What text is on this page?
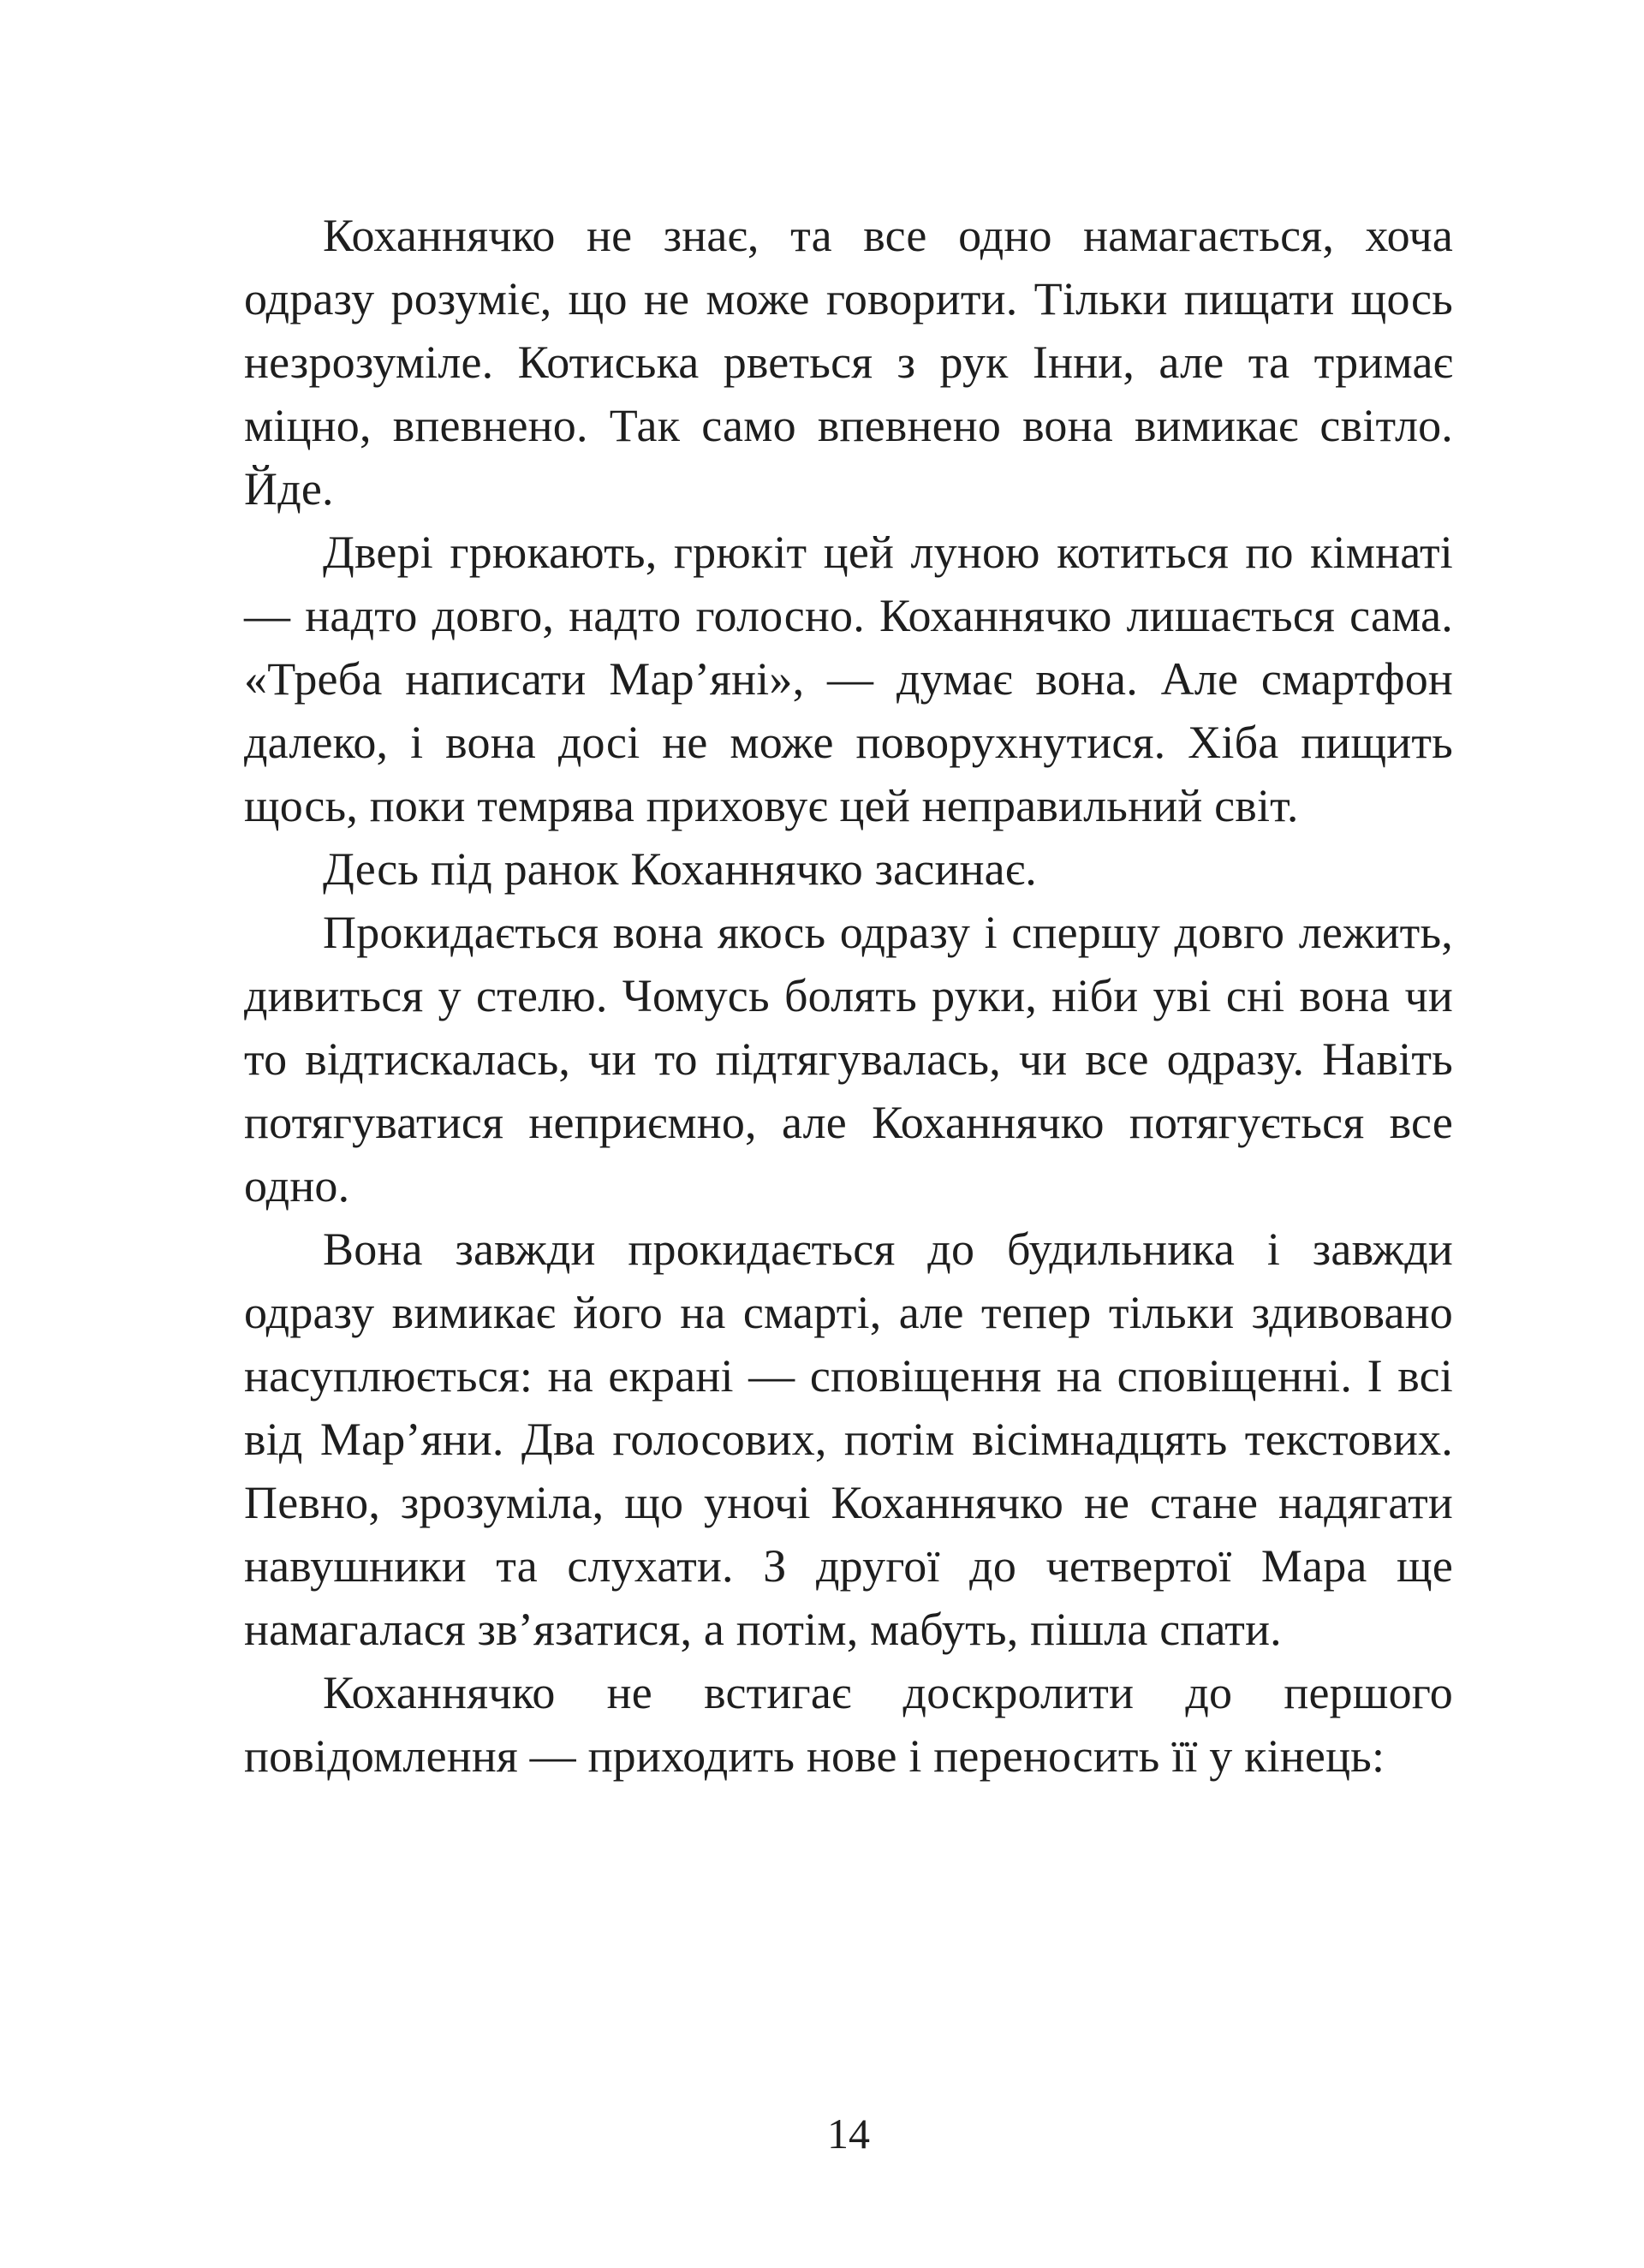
Коханнячко не знає, та все одно намагається, хоча одразу розуміє, що не може говорити. Тільки пищати щось незрозуміле. Котиська рветься з рук Інни, але та тримає міцно, впевнено. Так само впевнено вона вимикає світло. Йде.

Двері грюкають, грюкіт цей луною котиться по кімнаті — надто довго, надто голосно. Коханнячко лишається сама. «Треба написати Мар’яні», — думає вона. Але смартфон далеко, і вона досі не може поворухнутися. Хіба пищить щось, поки темрява приховує цей неправильний світ.

Десь під ранок Коханнячко засинає.

Прокидається вона якось одразу і спершу довго лежить, дивиться у стелю. Чомусь болять руки, ніби уві сні вона чи то відтискалась, чи то підтягувалась, чи все одразу. Навіть потягуватися неприємно, але Коханнячко потягується все одно.

Вона завжди прокидається до будильника і завжди одразу вимикає його на смарті, але тепер тільки здивовано насуплюється: на екрані — сповіщення на сповіщенні. І всі від Мар’яни. Два голосових, потім вісімнадцять текстових. Певно, зрозуміла, що уночі Коханнячко не стане надягати навушники та слухати. З другої до четвертої Мара ще намагалася зв’язатися, а потім, мабуть, пішла спати.

Коханнячко не встигає доскролити до першого повідомлення — приходить нове і переносить її у кінець:

14
